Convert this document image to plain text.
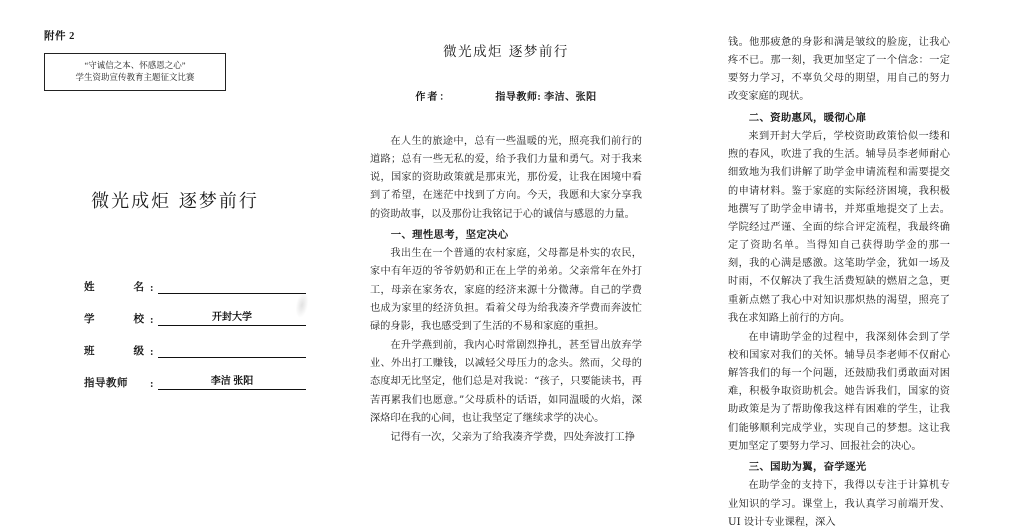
附件 2
“守诚信之本、怀感恩之心”
学生资助宣传教育主题征文比赛
微光成炬 逐梦前行
姓　　名 :
学　　校 :	开封大学
班　　级 :
指导教师	:	李洁 张阳
微光成炬 逐梦前行
作者：	指导教师: 李洁、张阳

在人生的旅途中，总有一些温暖的光，照亮我们前行的道路；总有一些无私的爱，给予我们力量和勇气。对于我来说，国家的资助政策就是那束光，那份爱，让我在困境中看到了希望，在迷茫中找到了方向。今天，我愿和大家分享我的资助故事，以及那份让我铭记于心的诚信与感恩的力量。

一、理性思考，坚定决心

我出生在一个普通的农村家庭，父母都是朴实的农民，家中有年迈的爷爷奶奶和正在上学的弟弟。父亲常年在外打工，母亲在家务农，家庭的经济来源十分微薄。自己的学费也成为家里的经济负担。看着父母为给我凑齐学费而奔波忙碌的身影，我也感受到了生活的不易和家庭的重担。

在升学燕到前，我内心时常剧烈挣扎，甚至冒出放弃学业、外出打工赚钱，以减轻父母压力的念头。然而，父母的态度却无比坚定，他们总是对我说：“孩子，只要能读书，再苦再累我们也愿意。”父母质朴的话语，如同温暖的火焰，深深烙印在我的心间，也让我坚定了继续求学的决心。

记得有一次，父亲为了给我凑齐学费，四处奔波打工挣

钱。他那疲惫的身影和满是皱纹的脸庞，让我心疼不已。那一刻，我更加坚定了一个信念：一定要努力学习，不辜负父母的期望，用自己的努力改变家庭的现状。

二、资助惠风，暖彻心扉

来到开封大学后，学校资助政策恰似一缕和煦的春风，吹进了我的生活。辅导员李老师耐心细致地为我们讲解了助学金申请流程和需要提交的申请材料。鉴于家庭的实际经济困境，我积极地撰写了助学金申请书，并郑重地提交了上去。学院经过严谨、全面的综合评定流程，我最终确定了资助名单。当得知自己获得助学金的那一刻，我的心满是感激。这笔助学金，犹如一场及时雨，不仅解决了我生活费短缺的燃眉之急，更重新点燃了我心中对知识那炽热的渴望，照亮了我在求知路上前行的方向。

在申请助学金的过程中，我深刻体会到了学校和国家对我们的关怀。辅导员李老师不仅耐心解答我们的每一个问题，还鼓励我们勇敢面对困难，积极争取资助机会。她告诉我们，国家的资助政策是为了帮助像我这样有困难的学生，让我们能够顺利完成学业，实现自己的梦想。这让我更加坚定了要努力学习、回报社会的决心。

三、国助为翼，奋学逐光

在助学金的支持下，我得以专注于计算机专业知识的学习。课堂上，我认真学习前端开发、UI 设计专业课程，深入
